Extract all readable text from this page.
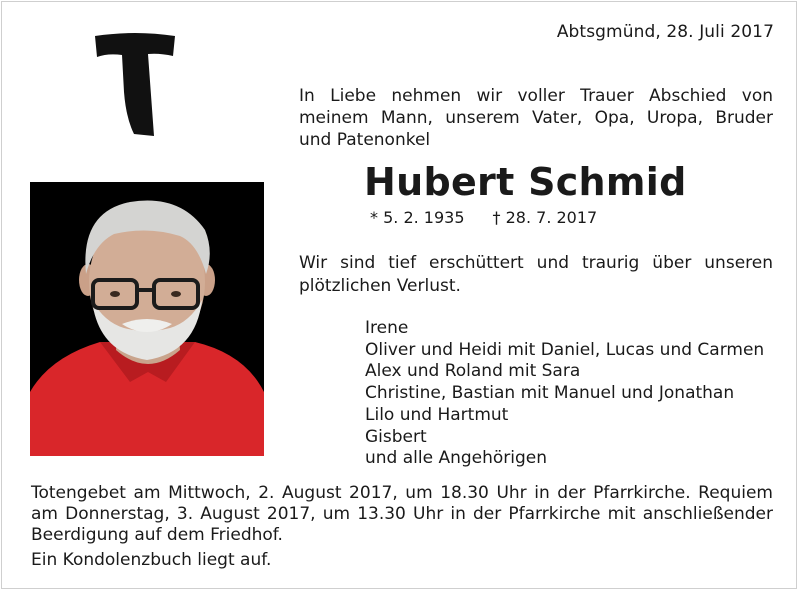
Abtsgmünd, 28. Juli 2017
In Liebe nehmen wir voller Trauer Abschied von
meinem Mann, unserem Vater, Opa, Uropa, Bruder
und Patenonkel
Hubert Schmid
* 5. 2. 1935 † 28. 7. 2017
Wir sind tief erschüttert und traurig über unseren
plötzlichen Verlust.
Irene
Oliver und Heidi mit Daniel, Lucas und Carmen
Alex und Roland mit Sara
Christine, Bastian mit Manuel und Jonathan
Lilo und Hartmut
Gisbert
und alle Angehörigen
Totengebet am Mittwoch, 2. August 2017, um 18.30 Uhr in der Pfarrkirche. Requiem
am Donnerstag, 3. August 2017, um 13.30 Uhr in der Pfarrkirche mit anschließender
Beerdigung auf dem Friedhof.
Ein Kondolenzbuch liegt auf.
